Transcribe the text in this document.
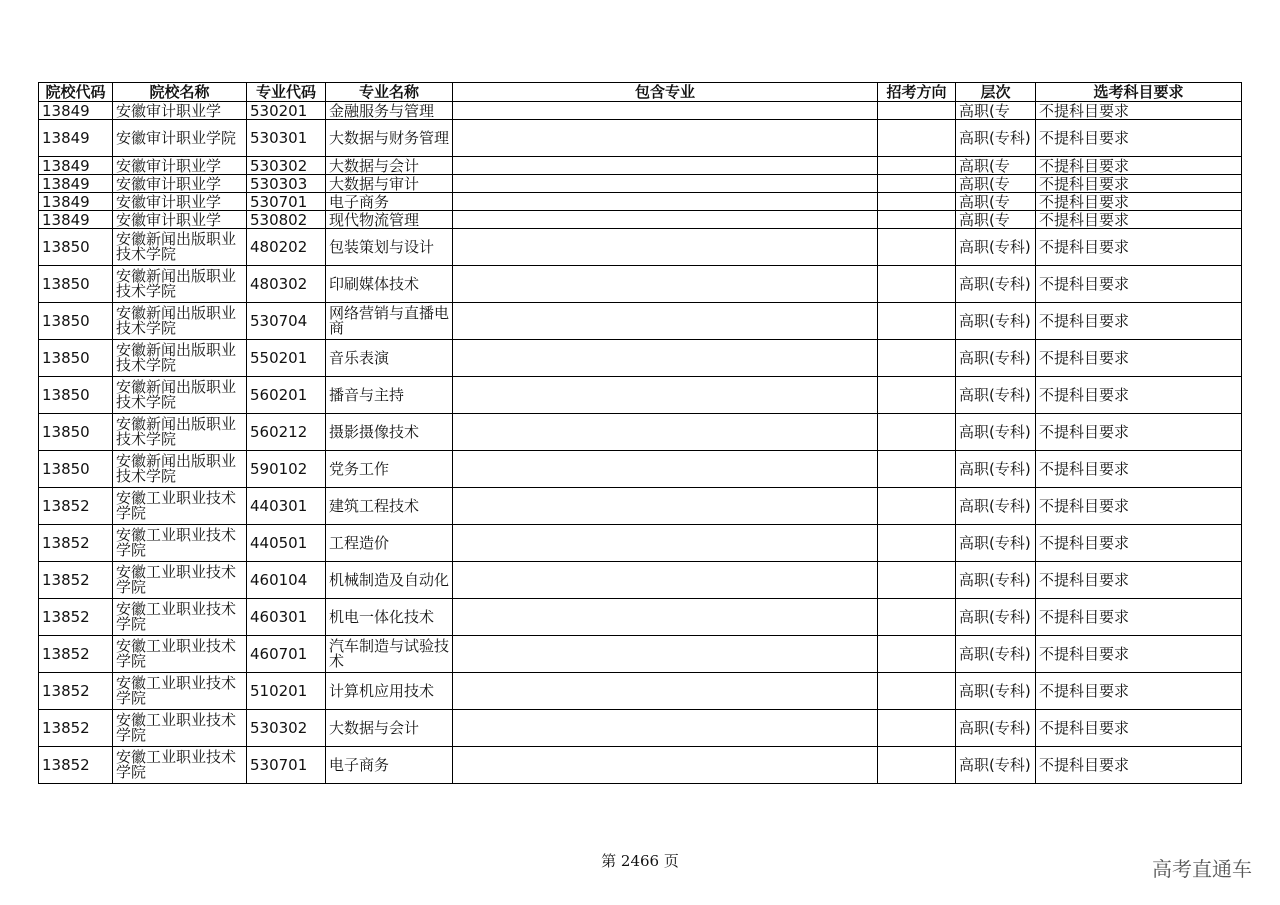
院校代码	院校名称	专业代码	专业名称	包含专业	招考方向	层次	选考科目要求
13849	安徽审计职业学	530201	金融服务与管理			高职(专	不提科目要求
13849	安徽审计职业学院	530301	大数据与财务管理			高职(专科)	不提科目要求
13849	安徽审计职业学	530302	大数据与会计			高职(专	不提科目要求
13849	安徽审计职业学	530303	大数据与审计			高职(专	不提科目要求
13849	安徽审计职业学	530701	电子商务			高职(专	不提科目要求
13849	安徽审计职业学	530802	现代物流管理			高职(专	不提科目要求
13850	安徽新闻出版职业技术学院	480202	包装策划与设计			高职(专科)	不提科目要求
13850	安徽新闻出版职业技术学院	480302	印刷媒体技术			高职(专科)	不提科目要求
13850	安徽新闻出版职业技术学院	530704	网络营销与直播电商			高职(专科)	不提科目要求
13850	安徽新闻出版职业技术学院	550201	音乐表演			高职(专科)	不提科目要求
13850	安徽新闻出版职业技术学院	560201	播音与主持			高职(专科)	不提科目要求
13850	安徽新闻出版职业技术学院	560212	摄影摄像技术			高职(专科)	不提科目要求
13850	安徽新闻出版职业技术学院	590102	党务工作			高职(专科)	不提科目要求
13852	安徽工业职业技术学院	440301	建筑工程技术			高职(专科)	不提科目要求
13852	安徽工业职业技术学院	440501	工程造价			高职(专科)	不提科目要求
13852	安徽工业职业技术学院	460104	机械制造及自动化			高职(专科)	不提科目要求
13852	安徽工业职业技术学院	460301	机电一体化技术			高职(专科)	不提科目要求
13852	安徽工业职业技术学院	460701	汽车制造与试验技术			高职(专科)	不提科目要求
13852	安徽工业职业技术学院	510201	计算机应用技术			高职(专科)	不提科目要求
13852	安徽工业职业技术学院	530302	大数据与会计			高职(专科)	不提科目要求
13852	安徽工业职业技术学院	530701	电子商务			高职(专科)	不提科目要求
第 2466 页	高考直通车
